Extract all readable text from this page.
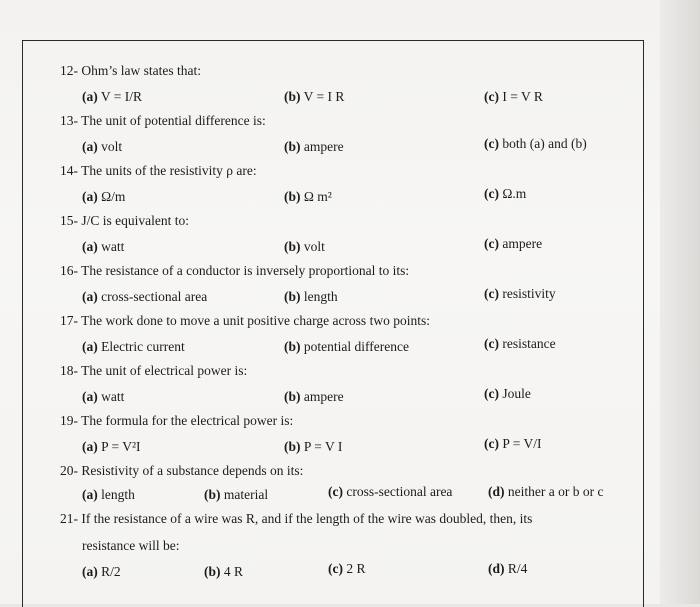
12- Ohm’s law states that:
(a) V = I/R	(b) V = I R	(c) I = V R
13- The unit of potential difference is:
(a) volt	(b) ampere	(c) both (a) and (b)
14- The units of the resistivity ρ are:
(a) Ω/m	(b) Ω m²	(c) Ω.m
15- J/C is equivalent to:
(a) watt	(b) volt	(c) ampere
16- The resistance of a conductor is inversely proportional to its:
(a) cross-sectional area	(b) length	(c) resistivity
17- The work done to move a unit positive charge across two points:
(a) Electric current	(b) potential difference	(c) resistance
18- The unit of electrical power is:
(a) watt	(b) ampere	(c) Joule
19- The formula for the electrical power is:
(a) P = V²I	(b) P = V I	(c) P = V/I
20- Resistivity of a substance depends on its:
(a) length	(b) material	(c) cross-sectional area	(d) neither a or b or c
21- If the resistance of a wire was R, and if the length of the wire was doubled, then, its
resistance will be:
(a) R/2	(b) 4 R	(c) 2 R	(d) R/4
